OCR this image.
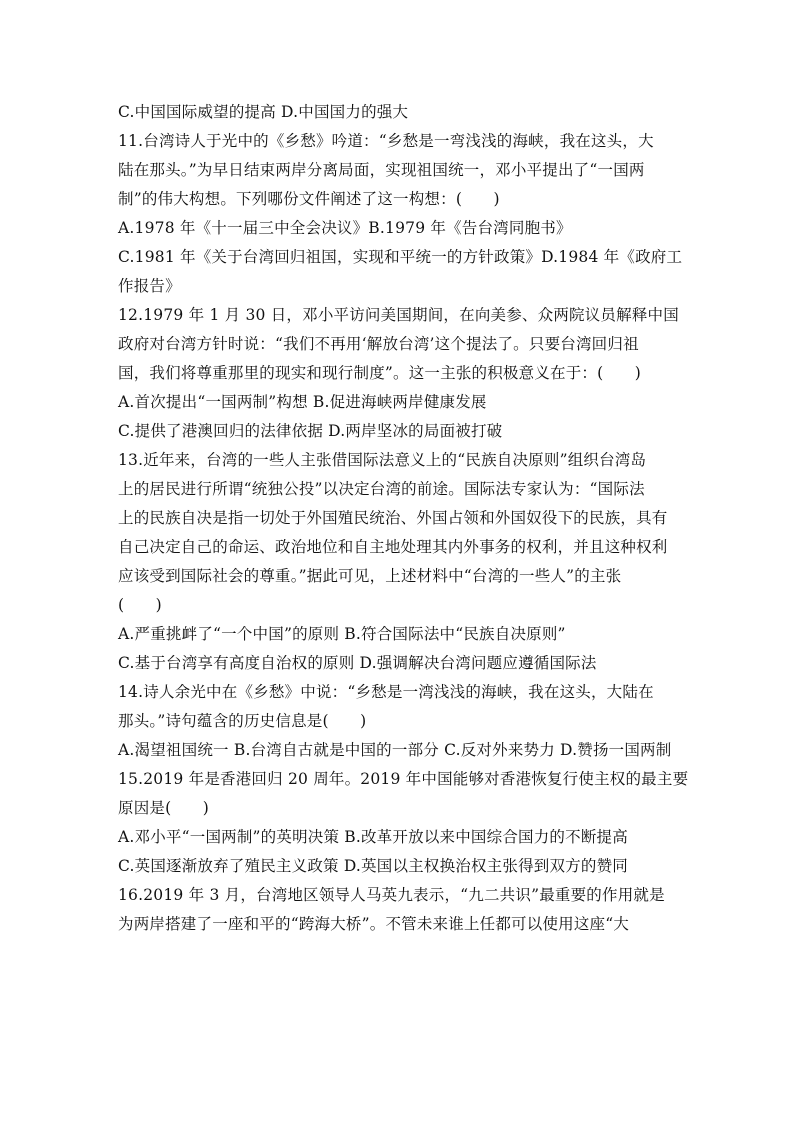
C.中国国际威望的提高 D.中国国力的强大
11.台湾诗人于光中的《乡愁》吟道：“乡愁是一弯浅浅的海峡，我在这头，大
陆在那头。”为早日结束两岸分离局面，实现祖国统一，邓小平提出了“一国两
制”的伟大构想。下列哪份文件阐述了这一构想：(　　)
A.1978 年《十一届三中全会决议》B.1979 年《告台湾同胞书》
C.1981 年《关于台湾回归祖国，实现和平统一的方针政策》D.1984 年《政府工
作报告》
12.1979 年 1 月 30 日，邓小平访问美国期间，在向美参、众两院议员解释中国
政府对台湾方针时说：“我们不再用‘解放台湾’这个提法了。只要台湾回归祖
国，我们将尊重那里的现实和现行制度”。这一主张的积极意义在于：(　　)
A.首次提出“一国两制”构想 B.促进海峡两岸健康发展
C.提供了港澳回归的法律依据 D.两岸坚冰的局面被打破
13.近年来，台湾的一些人主张借国际法意义上的“民族自决原则”组织台湾岛
上的居民进行所谓“统独公投”以决定台湾的前途。国际法专家认为：“国际法
上的民族自决是指一切处于外国殖民统治、外国占领和外国奴役下的民族，具有
自己决定自己的命运、政治地位和自主地处理其内外事务的权利，并且这种权利
应该受到国际社会的尊重。”据此可见，上述材料中“台湾的一些人”的主张
(　　)
A.严重挑衅了“一个中国”的原则 B.符合国际法中“民族自决原则”
C.基于台湾享有高度自治权的原则 D.强调解决台湾问题应遵循国际法
14.诗人余光中在《乡愁》中说：“乡愁是一湾浅浅的海峡，我在这头，大陆在
那头。”诗句蕴含的历史信息是(　　)
A.渴望祖国统一 B.台湾自古就是中国的一部分 C.反对外来势力 D.赞扬一国两制
15.2019 年是香港回归 20 周年。2019 年中国能够对香港恢复行使主权的最主要
原因是(　　)
A.邓小平“一国两制”的英明决策 B.改革开放以来中国综合国力的不断提高
C.英国逐渐放弃了殖民主义政策 D.英国以主权换治权主张得到双方的赞同
16.2019 年 3 月，台湾地区领导人马英九表示，“九二共识”最重要的作用就是
为两岸搭建了一座和平的“跨海大桥”。不管未来谁上任都可以使用这座“大
